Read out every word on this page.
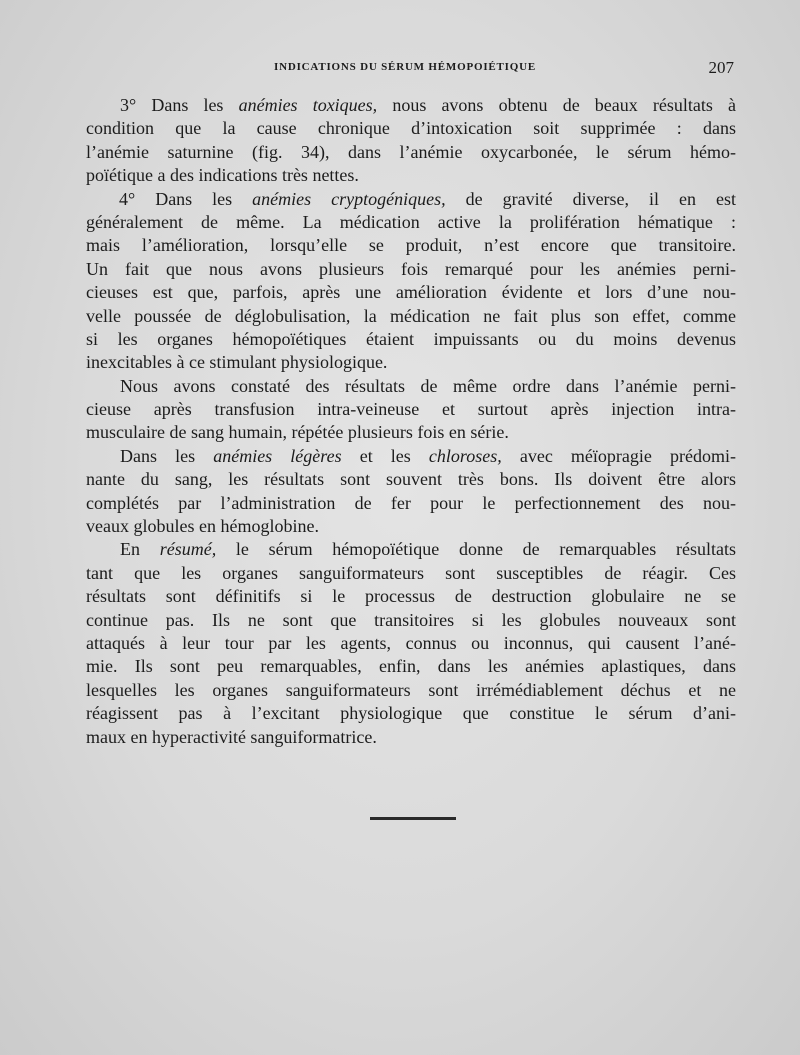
INDICATIONS DU SÉRUM HÉMOPOIÉTIQUE	207
3° Dans les anémies toxiques, nous avons obtenu de beaux résultats à
condition que la cause chronique d’intoxication soit supprimée : dans
l’anémie saturnine (fig. 34), dans l’anémie oxycarbonée, le sérum hémo-
poïétique a des indications très nettes.
4° Dans les anémies cryptogéniques, de gravité diverse, il en est
généralement de même. La médication active la prolifération hématique :
mais l’amélioration, lorsqu’elle se produit, n’est encore que transitoire.
Un fait que nous avons plusieurs fois remarqué pour les anémies perni-
cieuses est que, parfois, après une amélioration évidente et lors d’une nou-
velle poussée de déglobulisation, la médication ne fait plus son effet, comme
si les organes hémopoïétiques étaient impuissants ou du moins devenus
inexcitables à ce stimulant physiologique.
Nous avons constaté des résultats de même ordre dans l’anémie perni-
cieuse après transfusion intra-veineuse et surtout après injection intra-
musculaire de sang humain, répétée plusieurs fois en série.
Dans les anémies légères et les chloroses, avec méïopragie prédomi-
nante du sang, les résultats sont souvent très bons. Ils doivent être alors
complétés par l’administration de fer pour le perfectionnement des nou-
veaux globules en hémoglobine.
En résumé, le sérum hémopoïétique donne de remarquables résultats
tant que les organes sanguiformateurs sont susceptibles de réagir. Ces
résultats sont définitifs si le processus de destruction globulaire ne se
continue pas. Ils ne sont que transitoires si les globules nouveaux sont
attaqués à leur tour par les agents, connus ou inconnus, qui causent l’ané-
mie. Ils sont peu remarquables, enfin, dans les anémies aplastiques, dans
lesquelles les organes sanguiformateurs sont irrémédiablement déchus et ne
réagissent pas à l’excitant physiologique que constitue le sérum d’ani-
maux en hyperactivité sanguiformatrice.
